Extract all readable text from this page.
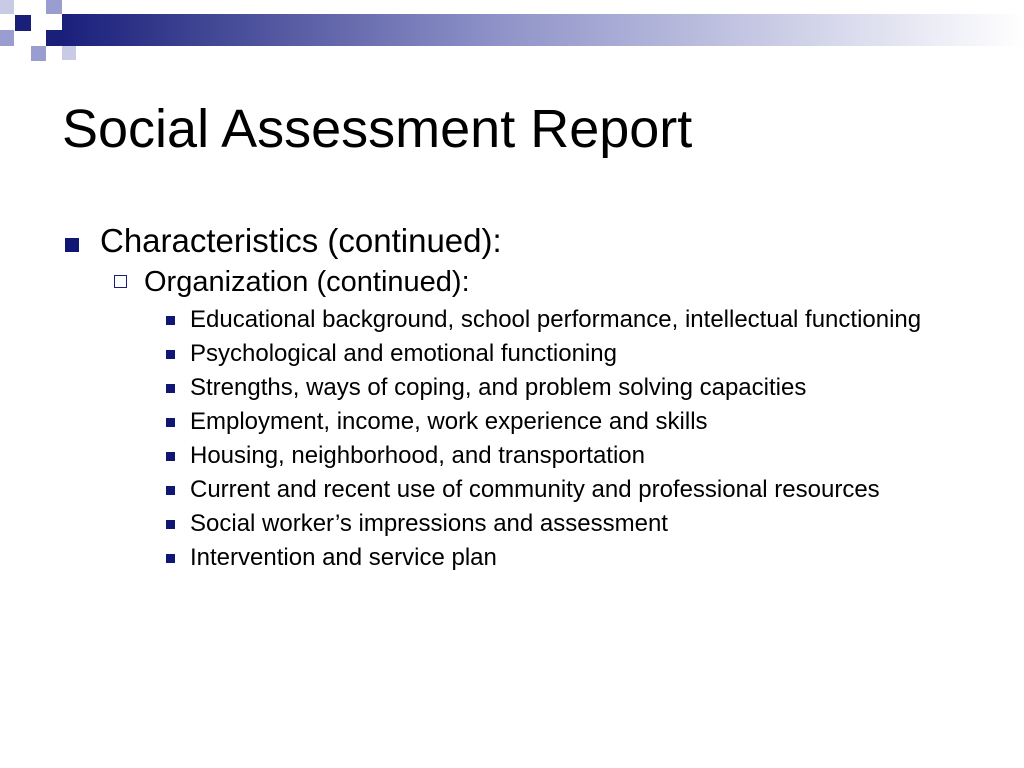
Social Assessment Report
Characteristics (continued):
Organization (continued):
Educational background, school performance, intellectual functioning
Psychological and emotional functioning
Strengths, ways of coping, and problem solving capacities
Employment, income, work experience and skills
Housing, neighborhood, and transportation
Current and recent use of community and professional resources
Social worker’s impressions and assessment
Intervention and service plan
